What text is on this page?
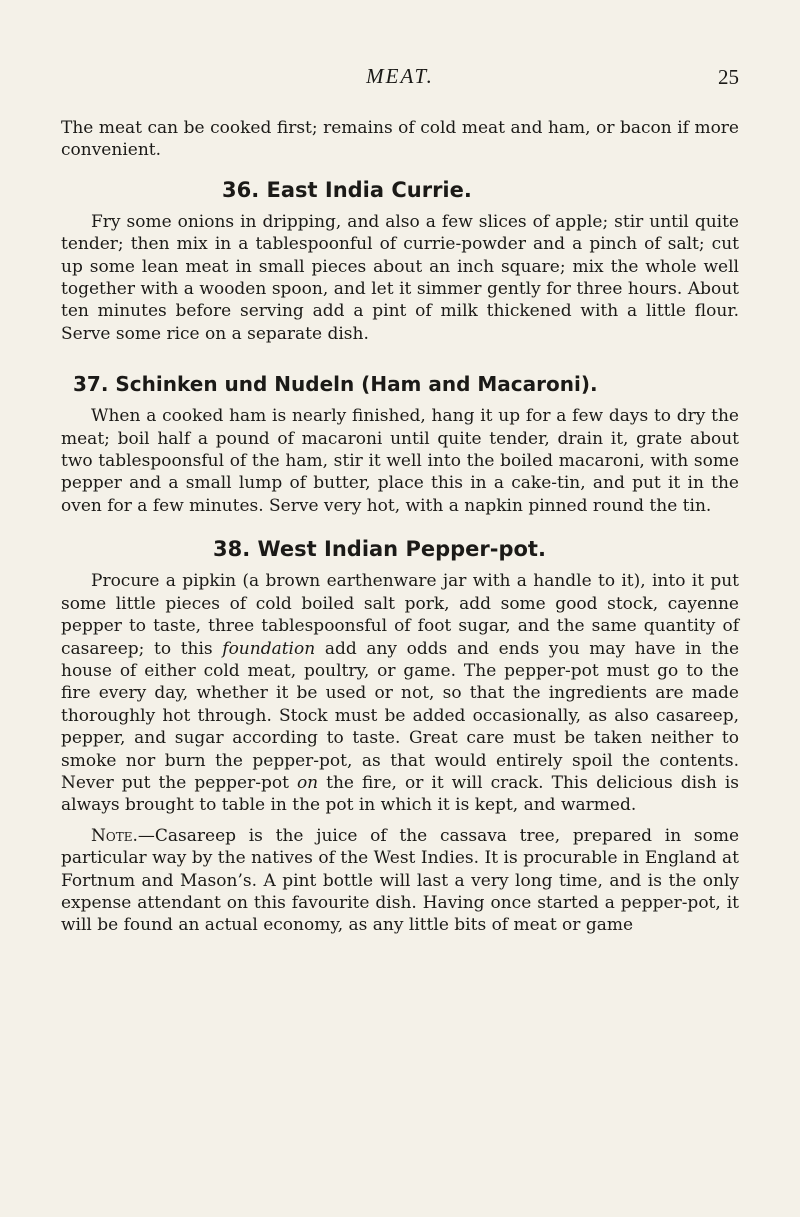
MEAT.	25

The meat can be cooked first; remains of cold meat and ham, or bacon if more convenient.

36. East India Currie.

Fry some onions in dripping, and also a few slices of apple; stir until quite tender; then mix in a tablespoonful of currie-powder and a pinch of salt; cut up some lean meat in small pieces about an inch square; mix the whole well together with a wooden spoon, and let it simmer gently for three hours. About ten minutes before serving add a pint of milk thickened with a little flour. Serve some rice on a separate dish.

37. Schinken und Nudeln (Ham and Macaroni).

When a cooked ham is nearly finished, hang it up for a few days to dry the meat; boil half a pound of macaroni until quite tender, drain it, grate about two tablespoonsful of the ham, stir it well into the boiled macaroni, with some pepper and a small lump of butter, place this in a cake-tin, and put it in the oven for a few minutes. Serve very hot, with a napkin pinned round the tin.

38. West Indian Pepper-pot.

Procure a pipkin (a brown earthenware jar with a handle to it), into it put some little pieces of cold boiled salt pork, add some good stock, cayenne pepper to taste, three tablespoonsful of foot sugar, and the same quantity of casareep; to this foundation add any odds and ends you may have in the house of either cold meat, poultry, or game. The pepper-pot must go to the fire every day, whether it be used or not, so that the ingredients are made thoroughly hot through. Stock must be added occasionally, as also casareep, pepper, and sugar according to taste. Great care must be taken neither to smoke nor burn the pepper-pot, as that would entirely spoil the contents. Never put the pepper-pot on the fire, or it will crack. This delicious dish is always brought to table in the pot in which it is kept, and warmed.

Note.—Casareep is the juice of the cassava tree, prepared in some particular way by the natives of the West Indies. It is procurable in England at Fortnum and Mason’s. A pint bottle will last a very long time, and is the only expense attendant on this favourite dish. Having once started a pepper-pot, it will be found an actual economy, as any little bits of meat or game
